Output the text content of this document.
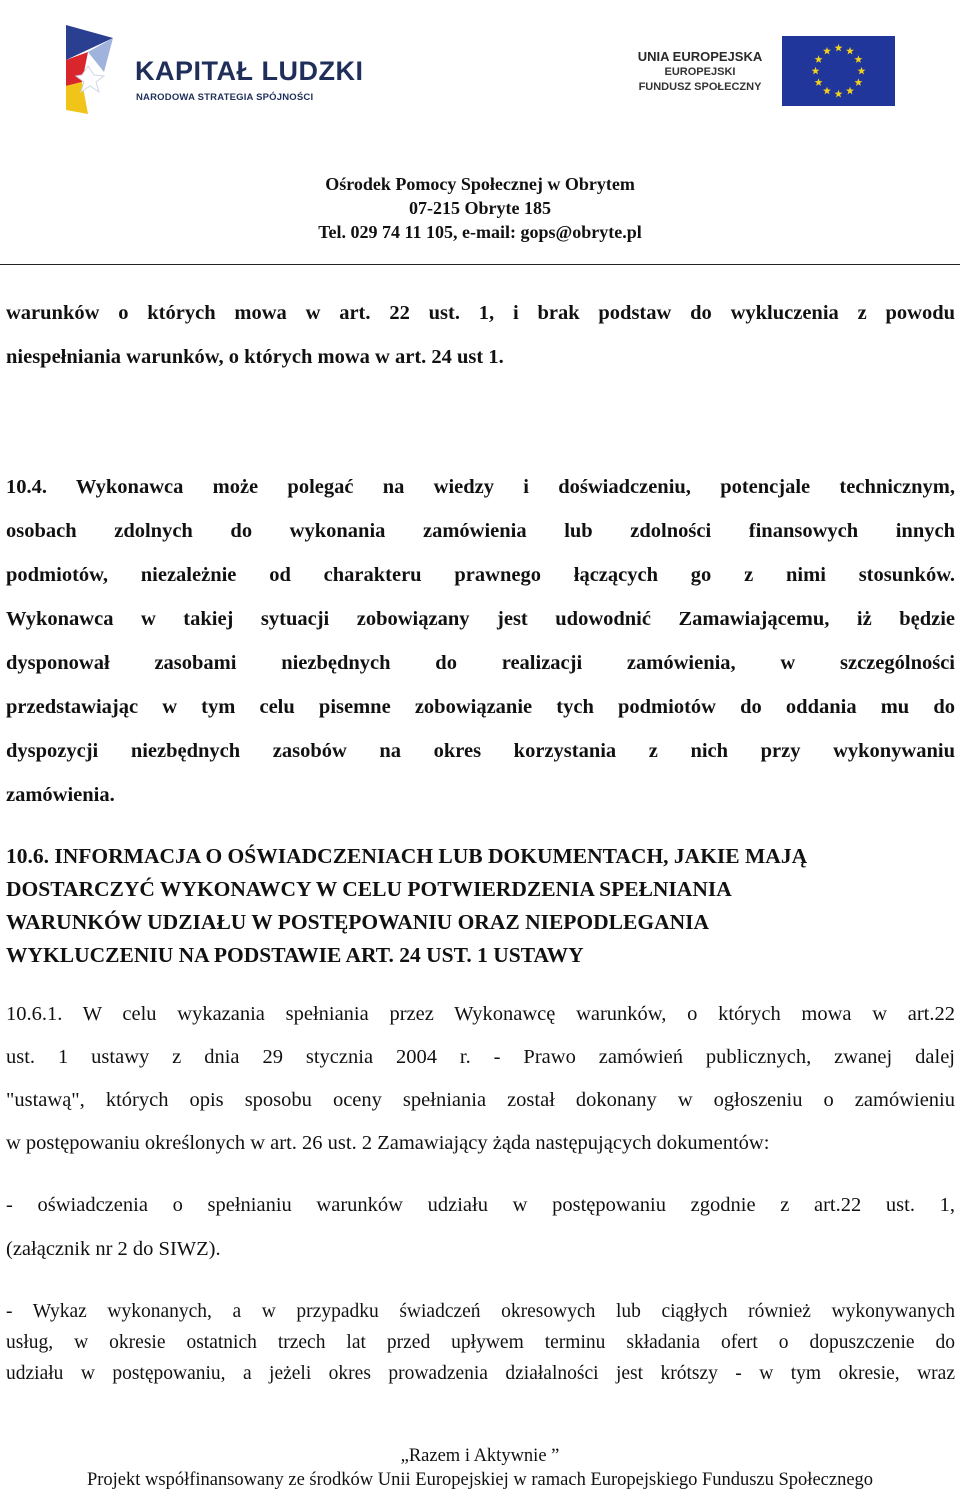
KAPITAŁ LUDZKI
NARODOWA STRATEGIA SPÓJNOŚCI
UNIA EUROPEJSKA
EUROPEJSKI
FUNDUSZ SPOŁECZNY
Ośrodek Pomocy Społecznej w Obrytem
07-215 Obryte 185
Tel. 029 74 11 105, e-mail: gops@obryte.pl
warunków o których mowa w art. 22 ust. 1, i brak podstaw do wykluczenia z powodu
niespełniania warunków, o których mowa w art. 24 ust 1.
10.4. Wykonawca może polegać na wiedzy i doświadczeniu, potencjale technicznym,
osobach zdolnych do wykonania zamówienia lub zdolności finansowych innych
podmiotów, niezależnie od charakteru prawnego łączących go z nimi stosunków.
Wykonawca w takiej sytuacji zobowiązany jest udowodnić Zamawiającemu, iż będzie
dysponował zasobami niezbędnych do realizacji zamówienia, w szczególności
przedstawiając w tym celu pisemne zobowiązanie tych podmiotów do oddania mu do
dyspozycji niezbędnych zasobów na okres korzystania z nich przy wykonywaniu
zamówienia.
10.6. INFORMACJA O OŚWIADCZENIACH LUB DOKUMENTACH, JAKIE MAJĄ
DOSTARCZYĆ WYKONAWCY W CELU POTWIERDZENIA SPEŁNIANIA
WARUNKÓW UDZIAŁU W POSTĘPOWANIU ORAZ NIEPODLEGANIA
WYKLUCZENIU NA PODSTAWIE ART. 24 UST. 1 USTAWY
10.6.1. W celu wykazania spełniania przez Wykonawcę warunków, o których mowa w art.22
ust. 1 ustawy z dnia 29 stycznia 2004 r. - Prawo zamówień publicznych, zwanej dalej
"ustawą", których opis sposobu oceny spełniania został dokonany w ogłoszeniu o zamówieniu
w postępowaniu określonych w art. 26 ust. 2 Zamawiający żąda następujących dokumentów:
- oświadczenia o spełnianiu warunków udziału w postępowaniu zgodnie z art.22 ust. 1,
(załącznik nr 2 do SIWZ).
- Wykaz wykonanych, a w przypadku świadczeń okresowych lub ciągłych również wykonywanych
usług, w okresie ostatnich trzech lat przed upływem terminu składania ofert o dopuszczenie do
udziału w postępowaniu, a jeżeli okres prowadzenia działalności jest krótszy - w tym okresie, wraz
„Razem i Aktywnie ”
Projekt współfinansowany ze środków Unii Europejskiej w ramach Europejskiego Funduszu Społecznego
